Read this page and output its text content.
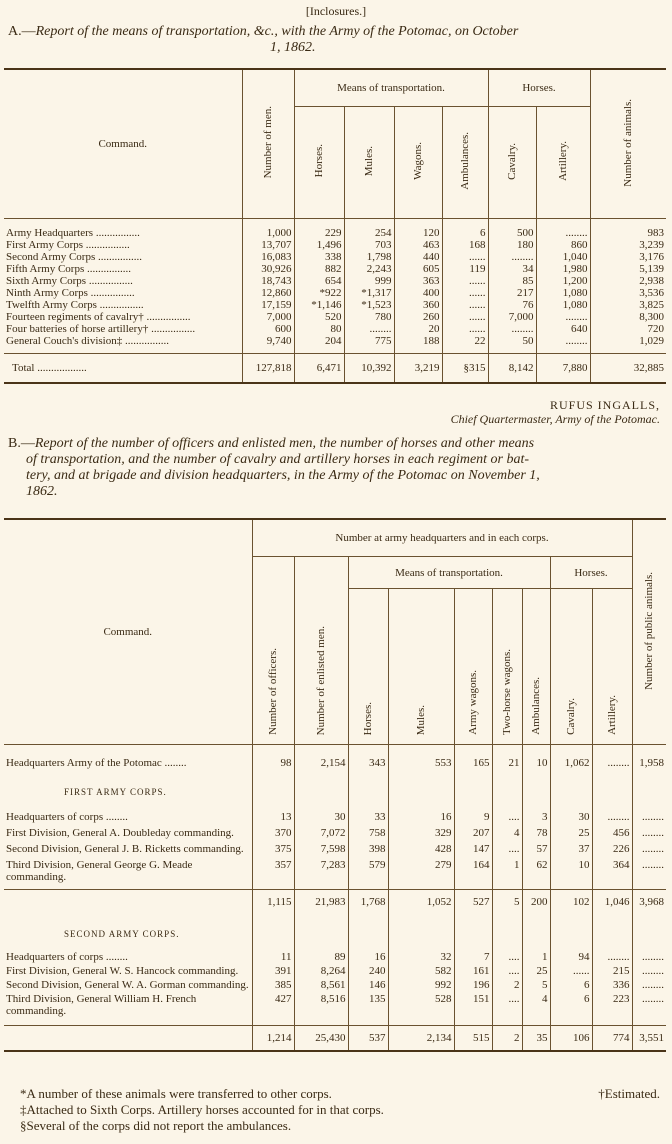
[Inclosures.]
A.—Report of the means of transportation, &c., with the Army of the Potomac, on October

1, 1862.
Command.	Number of men.	Means of transportation.				Horses.		Number of animals.
		Horses.	Mules.	Wagons.	Ambulances.	Cavalry.	Artillery.	
Army Headquarters ................	1,000	229	254	120	6	500	........	983
First Army Corps ................	13,707	1,496	703	463	168	180	860	3,239
Second Army Corps ................	16,083	338	1,798	440	......	........	1,040	3,176
Fifth Army Corps ................	30,926	882	2,243	605	119	34	1,980	5,139
Sixth Army Corps ................	18,743	654	999	363	......	85	1,200	2,938
Ninth Army Corps ................	12,860	*922	*1,317	400	......	217	1,080	3,536
Twelfth Army Corps ................	17,159	*1,146	*1,523	360	......	76	1,080	3,825
Fourteen regiments of cavalry† ................	7,000	520	780	260	......	7,000	........	8,300
Four batteries of horse artillery† ................	600	80	........	20	......	........	640	720
General Couch's division‡ ................	9,740	204	775	188	22	50	........	1,029

Total ..................	127,818	6,471	10,392	3,219	§315	8,142	7,880	32,885
RUFUS INGALLS,
Chief Quartermaster, Army of the Potomac.
B.—Report of the number of officers and enlisted men, the number of horses and other means

of transportation, and the number of cavalry and artillery horses in each regiment or bat-
tery, and at brigade and division headquarters, in the Army of the Potomac on November 1,
1862.
Command.	Number at army headquarters and in each corps.									Number of public animals.
	Number of officers.	Number of enlisted men.	Means of transportation.					Horses.		
			Horses.	Mules.	Army wagons.	Two-horse wagons.	Ambulances.	Cavalry.	Artillery.	
Headquarters Army of the Potomac ........	98	2,154	343	553	165	21	10	1,062	........	1,958

FIRST ARMY CORPS.										
Headquarters of corps ........	13	30	33	16	9	....	3	30	........	........
First Division, General A. Doubleday commanding.	370	7,072	758	329	207	4	78	25	456	........
Second Division, General J. B. Ricketts commanding.	375	7,598	398	428	147	....	57	37	226	........
Third Division, General George G. Meade commanding.	357	7,283	579	279	164	1	62	10	364	........

	1,115	21,983	1,768	1,052	527	5	200	102	1,046	3,968
SECOND ARMY CORPS.										
Headquarters of corps ........	11	89	16	32	7	....	1	94	........	........
First Division, General W. S. Hancock commanding.	391	8,264	240	582	161	....	25	......	215	........
Second Division, General W. A. Gorman commanding.	385	8,561	146	992	196	2	5	6	336	........
Third Division, General William H. French commanding.	427	8,516	135	528	151	....	4	6	223	........

	1,214	25,430	537	2,134	515	2	35	106	774	3,551
*A number of these animals were transferred to other corps.	†Estimated.
‡Attached to Sixth Corps. Artillery horses accounted for in that corps.
§Several of the corps did not report the ambulances.
